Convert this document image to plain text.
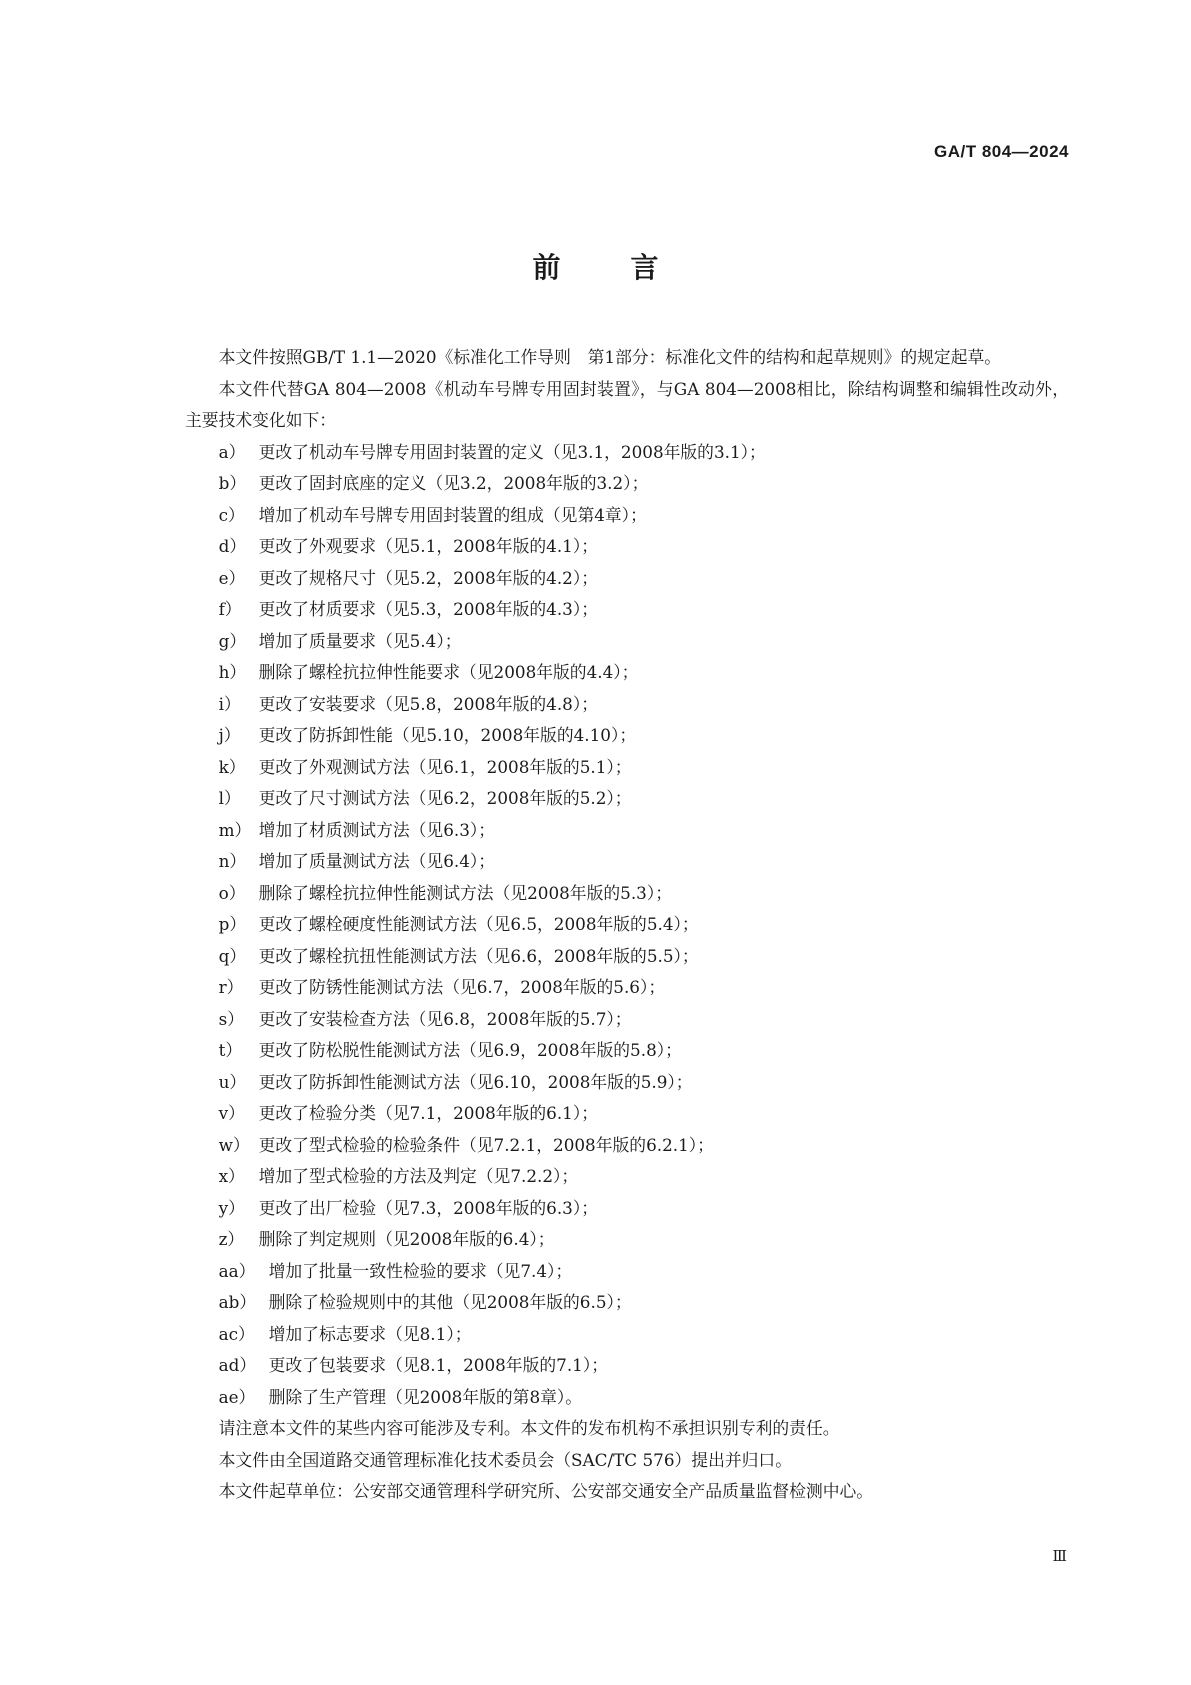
GA/T 804—2024
前言

本文件按照GB/T 1.1—2020《标准化工作导则　第1部分：标准化文件的结构和起草规则》的规定起草。

本文件代替GA 804—2008《机动车号牌专用固封装置》，与GA 804—2008相比，除结构调整和编辑性改动外，主要技术变化如下：

a） 更改了机动车号牌专用固封装置的定义（见3.1，2008年版的3.1）；
b） 更改了固封底座的定义（见3.2，2008年版的3.2）；
c） 增加了机动车号牌专用固封装置的组成（见第4章）；
d） 更改了外观要求（见5.1，2008年版的4.1）；
e） 更改了规格尺寸（见5.2，2008年版的4.2）；
f）	更改了材质要求（见5.3，2008年版的4.3）；
g） 增加了质量要求（见5.4）；
h） 删除了螺栓抗拉伸性能要求（见2008年版的4.4）；
i）	更改了安装要求（见5.8，2008年版的4.8）；
j）	更改了防拆卸性能（见5.10，2008年版的4.10）；
k） 更改了外观测试方法（见6.1，2008年版的5.1）；
l）	更改了尺寸测试方法（见6.2，2008年版的5.2）；
m） 增加了材质测试方法（见6.3）；
n） 增加了质量测试方法（见6.4）；
o） 删除了螺栓抗拉伸性能测试方法（见2008年版的5.3）；
p） 更改了螺栓硬度性能测试方法（见6.5，2008年版的5.4）；
q） 更改了螺栓抗扭性能测试方法（见6.6，2008年版的5.5）；
r） 更改了防锈性能测试方法（见6.7，2008年版的5.6）；
s） 更改了安装检查方法（见6.8，2008年版的5.7）；
t） 更改了防松脱性能测试方法（见6.9，2008年版的5.8）；
u） 更改了防拆卸性能测试方法（见6.10，2008年版的5.9）；
v） 更改了检验分类（见7.1，2008年版的6.1）；
w） 更改了型式检验的检验条件（见7.2.1，2008年版的6.2.1）；
x） 增加了型式检验的方法及判定（见7.2.2）；
y） 更改了出厂检验（见7.3，2008年版的6.3）；
z） 删除了判定规则（见2008年版的6.4）；
aa） 增加了批量一致性检验的要求（见7.4）；
ab） 删除了检验规则中的其他（见2008年版的6.5）；
ac） 增加了标志要求（见8.1）；
ad） 更改了包装要求（见8.1，2008年版的7.1）；
ae） 删除了生产管理（见2008年版的第8章）。

请注意本文件的某些内容可能涉及专利。本文件的发布机构不承担识别专利的责任。

本文件由全国道路交通管理标准化技术委员会（SAC/TC 576）提出并归口。

本文件起草单位：公安部交通管理科学研究所、公安部交通安全产品质量监督检测中心。

Ⅲ
